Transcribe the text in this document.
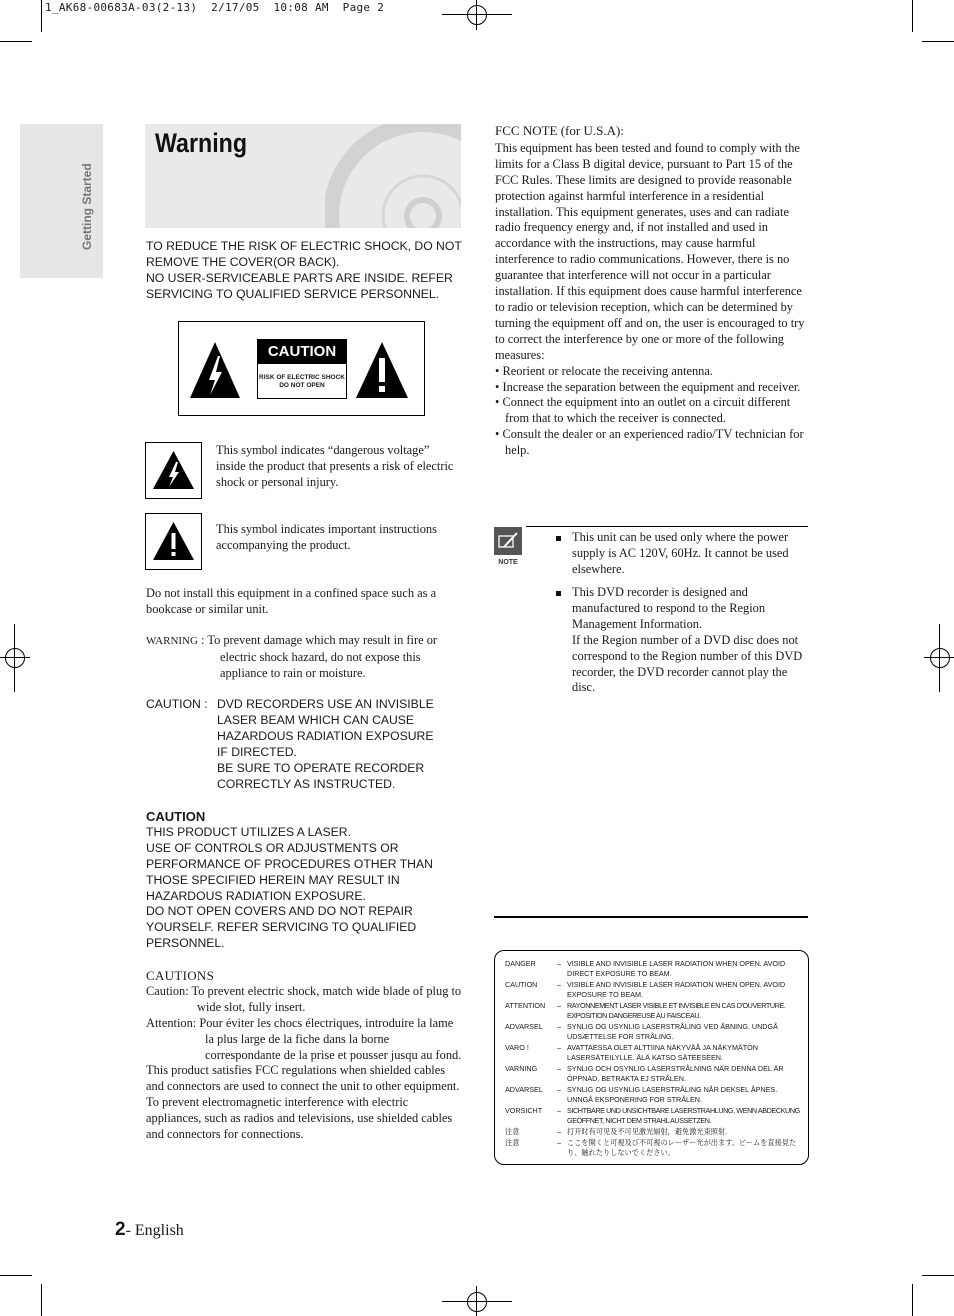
1_AK68-00683A-03(2-13)  2/17/05  10:08 AM  Page 2
Getting Started
Warning
TO REDUCE THE RISK OF ELECTRIC SHOCK, DO NOT
REMOVE THE COVER(OR BACK).
NO USER-SERVICEABLE PARTS ARE INSIDE. REFER
SERVICING TO QUALIFIED SERVICE PERSONNEL.
CAUTION
RISK OF ELECTRIC SHOCK
DO NOT OPEN
This symbol indicates “dangerous voltage” inside the product that presents a risk of electric shock or personal injury.
This symbol indicates important instructions accompanying the product.
Do not install this equipment in a confined space such as a bookcase or similar unit.
WARNING : To prevent damage which may result in fire or electric shock hazard, do not expose this appliance to rain or moisture.
CAUTION : DVD RECORDERS USE AN INVISIBLE
LASER BEAM WHICH CAN CAUSE
HAZARDOUS RADIATION EXPOSURE
IF DIRECTED.
BE SURE TO OPERATE RECORDER
CORRECTLY AS INSTRUCTED.
CAUTION
THIS PRODUCT UTILIZES A LASER.
USE OF CONTROLS OR ADJUSTMENTS OR
PERFORMANCE OF PROCEDURES OTHER THAN
THOSE SPECIFIED HEREIN MAY RESULT IN
HAZARDOUS RADIATION EXPOSURE.
DO NOT OPEN COVERS AND DO NOT REPAIR
YOURSELF. REFER SERVICING TO QUALIFIED
PERSONNEL.
CAUTIONS
Caution: To prevent electric shock, match wide blade of plug to wide slot, fully insert.
Attention: Pour éviter les chocs électriques, introduire la lame la plus large de la fiche dans la borne correspondante de la prise et pousser jusqu au fond.
This product satisfies FCC regulations when shielded cables and connectors are used to connect the unit to other equipment. To prevent electromagnetic interference with electric appliances, such as radios and televisions, use shielded cables and connectors for connections.
FCC NOTE (for U.S.A):
This equipment has been tested and found to comply with the limits for a Class B digital device, pursuant to Part 15 of the FCC Rules. These limits are designed to provide reasonable protection against harmful interference in a residential installation. This equipment generates, uses and can radiate radio frequency energy and, if not installed and used in accordance with the instructions, may cause harmful interference to radio communications. However, there is no guarantee that interference will not occur in a particular installation. If this equipment does cause harmful interference to radio or television reception, which can be determined by turning the equipment off and on, the user is encouraged to try to correct the interference by one or more of the following measures:
• Reorient or relocate the receiving antenna.
• Increase the separation between the equipment and receiver.
• Connect the equipment into an outlet on a circuit different from that to which the receiver is connected.
• Consult the dealer or an experienced radio/TV technician for help.
NOTE
This unit can be used only where the power supply is AC 120V, 60Hz. It cannot be used elsewhere.
This DVD recorder is designed and manufactured to respond to the Region Management Information.
If the Region number of a DVD disc does not correspond to the Region number of this DVD recorder, the DVD recorder cannot play the disc.
DANGER	– VISIBLE AND INVISIBLE LASER RADIATION WHEN OPEN. AVOID DIRECT EXPOSURE TO BEAM.
CAUTION	– VISIBLE AND INVISIBLE LASER RADIATION WHEN OPEN. AVOID EXPOSURE TO BEAM.
ATTENTION	– RAYONNEMENT LASER VISIBLE ET INVISIBLE EN CAS D'OUVERTURE. EXPOSITION DANGEREUSE AU FAISCEAU.
ADVARSEL	– SYNLIG OG USYNLIG LASERSTRÅLING VED ÅBNING. UNDGÅ UDSÆTTELSE FOR STRÅLING.
VARO !	– AVATTAESSA OLET ALTTIINA NÄKYVÄÅ JA NÄKYMÄTÖN LASERSÄTEILYLLE. ÄLÄ KATSO SÄTEESEEN.
VARNING	– SYNLIG OCH OSYNLIG LASERSTRÅLNING NÄR DENNA DEL ÄR ÖPPNAD. BETRAKTA EJ STRÅLEN.
ADVARSEL	– SYNLIG OG USYNLIG LASERSTRÅLING NÅR DEKSEL ÅPNES. UNNGÅ EKSPONERING FOR STRÅLEN.
VORSICHT	– SICHTBARE UND UNSICHTBARE LASERSTRAHLUNG, WENN ABDECKUNG GEÖFFNET, NICHT DEM STRAHL AUSSETZEN.
注意	– 打开时有可见及不可见激光辐射，避免激光束照射.
注意	– ここを開くと可視及び不可視のレーザー光が出ます。ビームを直接見たり、触れたりしないでください。
2- English
